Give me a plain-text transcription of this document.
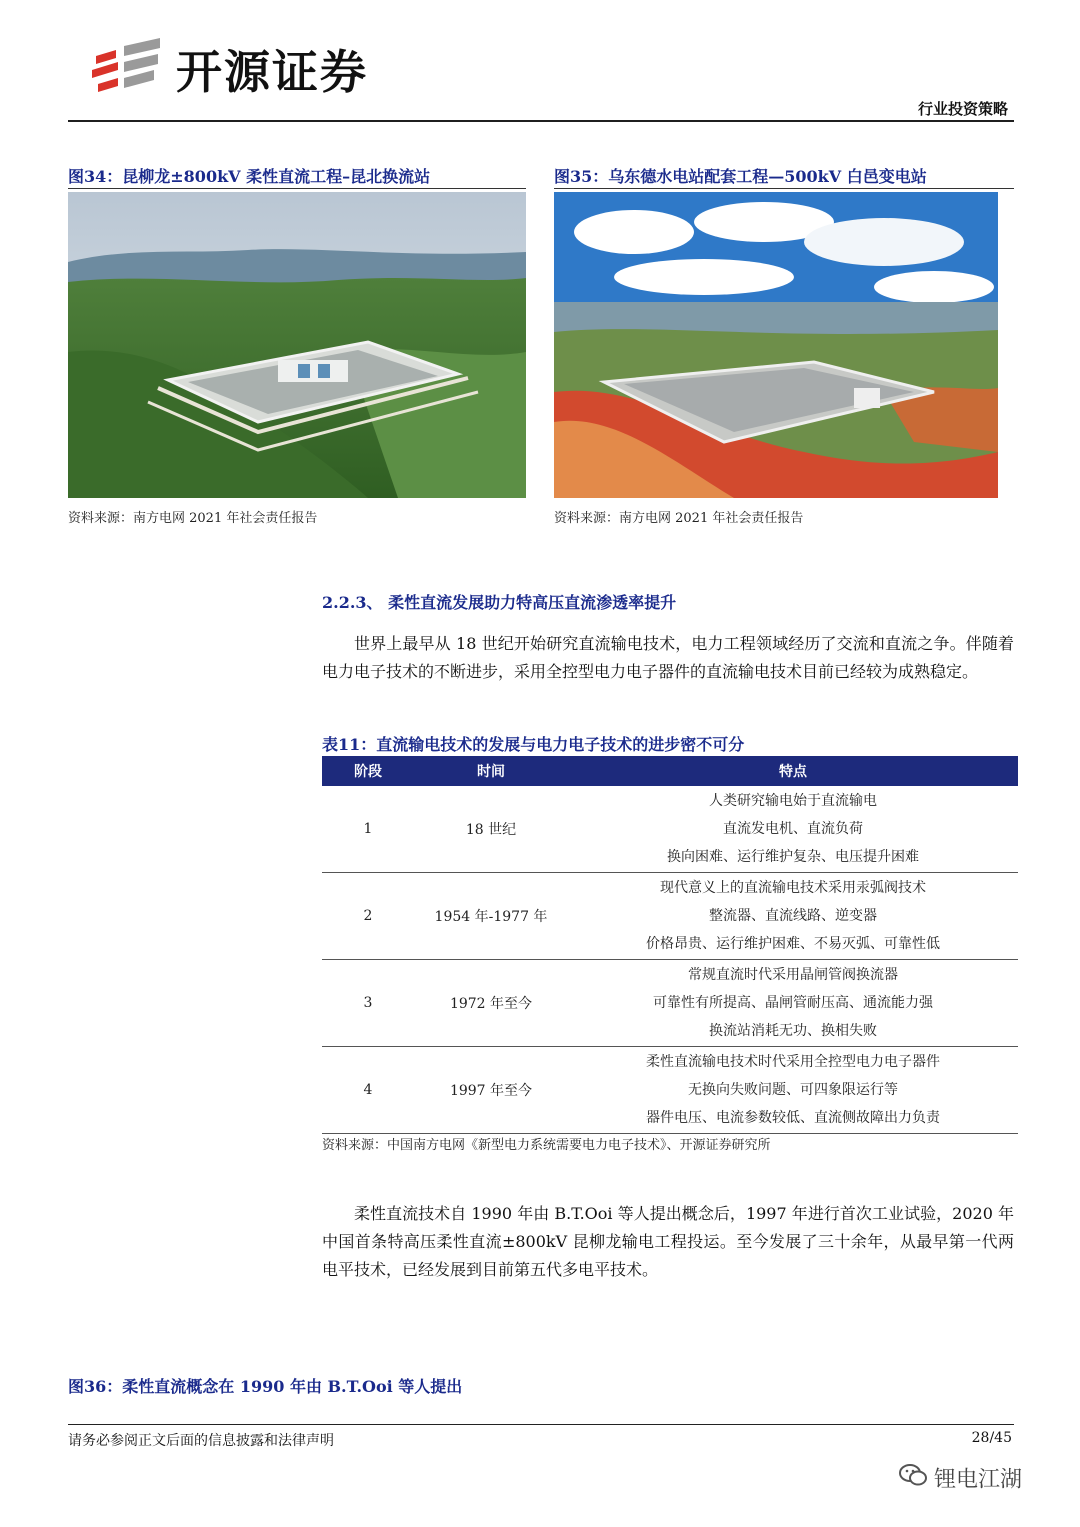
开源证券
行业投资策略
图34：昆柳龙±800kV 柔性直流工程–昆北换流站
资料来源：南方电网 2021 年社会责任报告
图35：乌东德水电站配套工程—500kV 白邑变电站
资料来源：南方电网 2021 年社会责任报告
2.2.3、 柔性直流发展助力特高压直流渗透率提升
世界上最早从 18 世纪开始研究直流输电技术，电力工程领域经历了交流和直流之争。伴随着电力电子技术的不断进步，采用全控型电力电子器件的直流输电技术目前已经较为成熟稳定。
表11：直流输电技术的发展与电力电子技术的进步密不可分
阶段	时间	特点
1	18 世纪	人类研究输电始于直流输电
直流发电机、直流负荷
换向困难、运行维护复杂、电压提升困难

2	1954 年-1977 年	现代意义上的直流输电技术采用汞弧阀技术
整流器、直流线路、逆变器
价格昂贵、运行维护困难、不易灭弧、可靠性低

3	1972 年至今	常规直流时代采用晶闸管阀换流器
可靠性有所提高、晶闸管耐压高、通流能力强
换流站消耗无功、换相失败

4	1997 年至今	柔性直流输电技术时代采用全控型电力电子器件
无换向失败问题、可四象限运行等
器件电压、电流参数较低、直流侧故障出力负责
资料来源：中国南方电网《新型电力系统需要电力电子技术》、开源证券研究所
柔性直流技术自 1990 年由 B.T.Ooi 等人提出概念后，1997 年进行首次工业试验，2020 年中国首条特高压柔性直流±800kV 昆柳龙输电工程投运。至今发展了三十余年，从最早第一代两电平技术，已经发展到目前第五代多电平技术。
图36：柔性直流概念在 1990 年由 B.T.Ooi 等人提出
请务必参阅正文后面的信息披露和法律声明	28/45
锂电江湖
